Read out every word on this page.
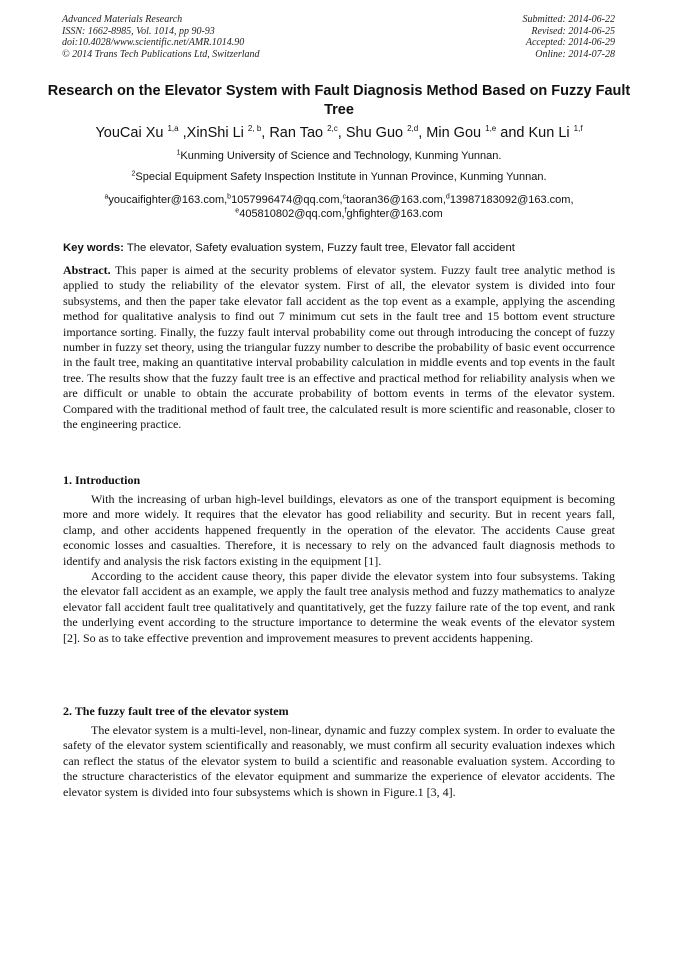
Advanced Materials Research
ISSN: 1662-8985, Vol. 1014, pp 90-93
doi:10.4028/www.scientific.net/AMR.1014.90
© 2014 Trans Tech Publications Ltd, Switzerland
Submitted: 2014-06-22
Revised: 2014-06-25
Accepted: 2014-06-29
Online: 2014-07-28
Research on the Elevator System with Fault Diagnosis Method Based on Fuzzy Fault Tree
YouCai Xu $^{1,a}$ ,XinShi Li $^{2, b}$, Ran Tao $^{2,c}$, Shu Guo $^{2,d}$, Min Gou $^{1,e}$ and Kun Li $^{1,f}$
$^1$Kunming University of Science and Technology, Kunming Yunnan.
$^2$Special Equipment Safety Inspection Institute in Yunnan Province, Kunming Yunnan.
$^a$youcaifighter@163.com,$^b$1057996474@qq.com,$^c$taoran36@163.com,$^d$13987183092@163.com,
$^e$405810802@qq.com,$^f$ghfighter@163.com
Key words: The elevator, Safety evaluation system, Fuzzy fault tree, Elevator fall accident
Abstract. This paper is aimed at the security problems of elevator system. Fuzzy fault tree analytic method is applied to study the reliability of the elevator system. First of all, the elevator system is divided into four subsystems, and then the paper take elevator fall accident as the top event as a example, applying the ascending method for qualitative analysis to find out 7 minimum cut sets in the fault tree and 15 bottom event structure importance sorting. Finally, the fuzzy fault interval probability come out through introducing the concept of fuzzy number in fuzzy set theory, using the triangular fuzzy number to describe the probability of basic event occurrence in the fault tree, making an quantitative interval probability calculation in middle events and top events in the fault tree. The results show that the fuzzy fault tree is an effective and practical method for reliability analysis when we are difficult or unable to obtain the accurate probability of bottom events in terms of the elevator system. Compared with the traditional method of fault tree, the calculated result is more scientific and reasonable, closer to the engineering practice.
1. Introduction

With the increasing of urban high-level buildings, elevators as one of the transport equipment is becoming more and more widely. It requires that the elevator has good reliability and security. But in recent years fall, clamp, and other accidents happened frequently in the operation of the elevator. The accidents Cause great economic losses and casualties. Therefore, it is necessary to rely on the advanced fault diagnosis methods to identify and analysis the risk factors existing in the equipment [1].

According to the accident cause theory, this paper divide the elevator system into four subsystems. Taking the elevator fall accident as an example, we apply the fault tree analysis method and fuzzy mathematics to analyze elevator fall accident fault tree qualitatively and quantitatively, get the fuzzy failure rate of the top event, and rank the underlying event according to the structure importance to determine the weak events of the elevator system [2]. So as to take effective prevention and improvement measures to prevent accidents happening.

2. The fuzzy fault tree of the elevator system

The elevator system is a multi-level, non-linear, dynamic and fuzzy complex system. In order to evaluate the safety of the elevator system scientifically and reasonably, we must confirm all security evaluation indexes which can reflect the status of the elevator system to build a scientific and reasonable evaluation system. According to the structure characteristics of the elevator equipment and summarize the experience of elevator accidents. The elevator system is divided into four subsystems which is shown in Figure.1 [3, 4].
